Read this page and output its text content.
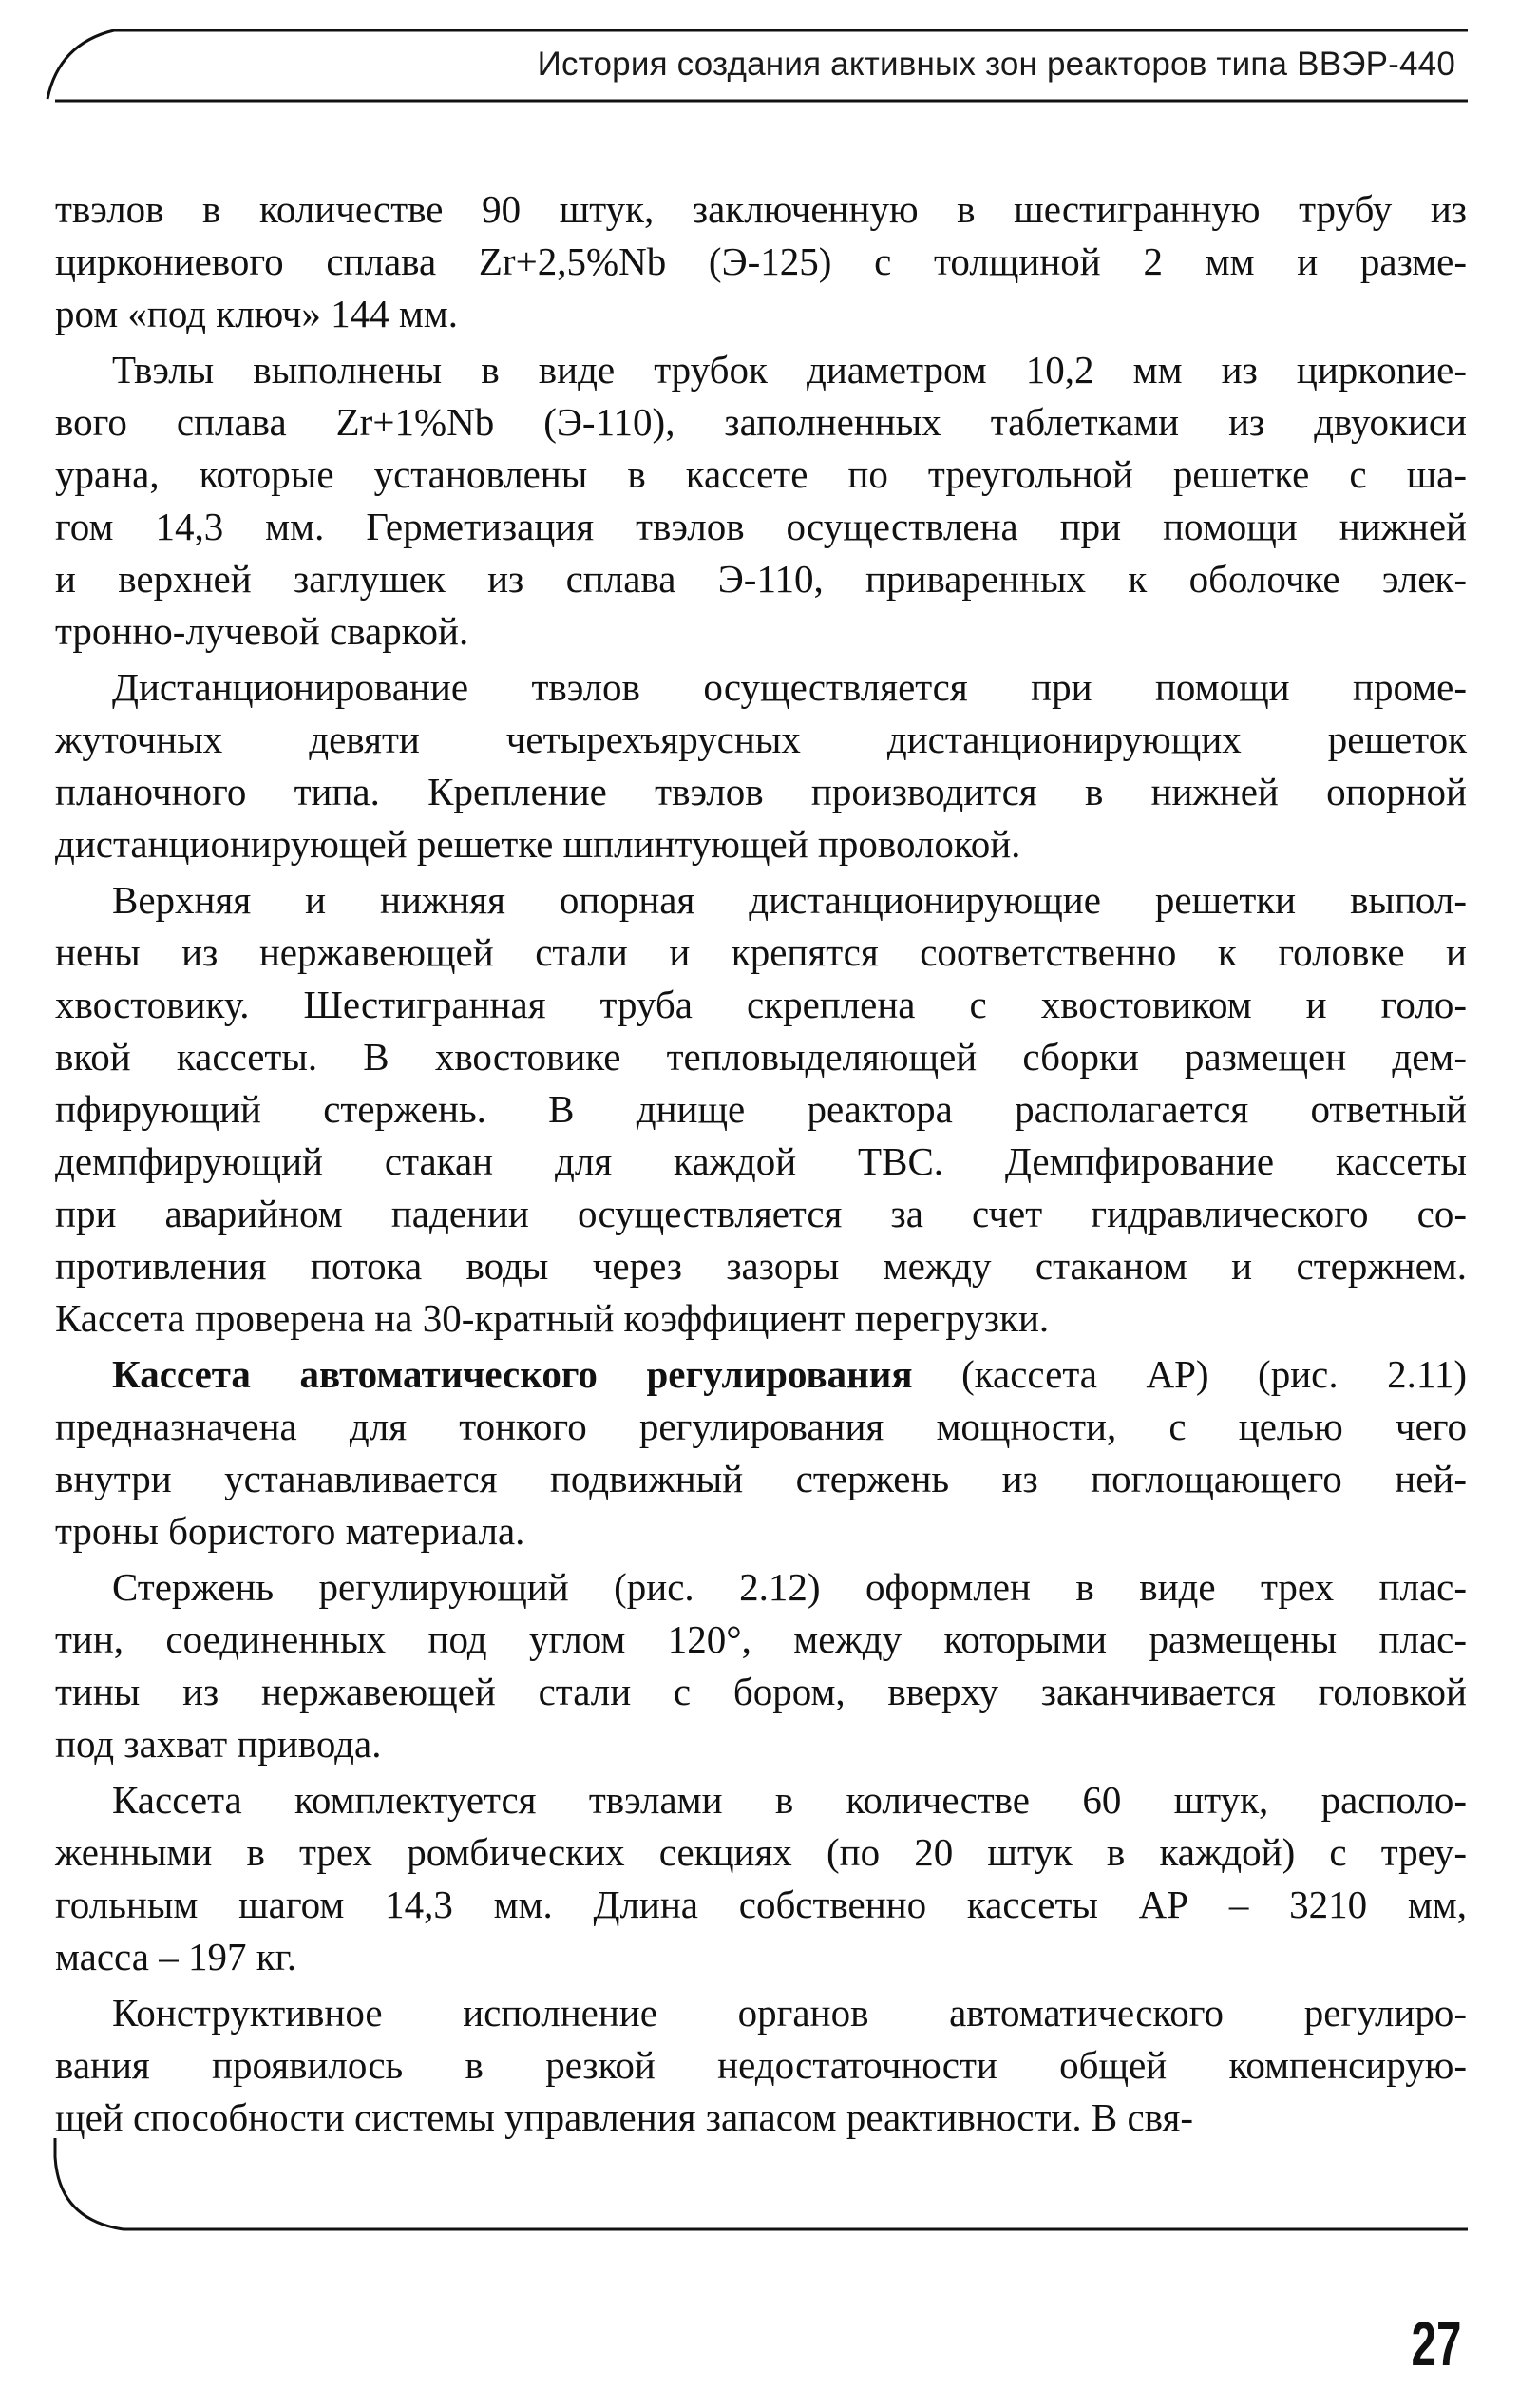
История создания активных зон реакторов типа ВВЭР-440
твэлов в количестве 90 штук, заключенную в шестигранную трубу из
циркониевого сплава Zr+2,5%Nb (Э-125) с толщиной 2 мм и разме-
ром «под ключ» 144 мм.
Твэлы выполнены в виде трубок диаметром 10,2 мм из циркonие-
вого сплава Zr+1%Nb (Э-110), заполненных таблетками из двуокиси
урана, которые установлены в кассете по треугольной решетке с ша-
гом 14,3 мм. Герметизация твэлов осуществлена при помощи нижней
и верхней заглушек из сплава Э-110, приваренных к оболочке элек-
тронно-лучевой сваркой.
Дистанционирование твэлов осуществляется при помощи проме-
жуточных девяти четырехъярусных дистанционирующих решеток
планочного типа. Крепление твэлов производится в нижней опорной
дистанционирующей решетке шплинтующей проволокой.
Верхняя и нижняя опорная дистанционирующие решетки выпол-
нены из нержавеющей стали и крепятся соответственно к головке и
хвостовику. Шестигранная труба скреплена с хвостовиком и голо-
вкой кассеты. В хвостовике тепловыделяющей сборки размещен дем-
пфирующий стержень. В днище реактора располагается ответный
демпфирующий стакан для каждой ТВС. Демпфирование кассеты
при аварийном падении осуществляется за счет гидравлического со-
противления потока воды через зазоры между стаканом и стержнем.
Кассета проверена на 30-кратный коэффициент перегрузки.
Кассета автоматического регулирования (кассета АР) (рис. 2.11)
предназначена для тонкого регулирования мощности, с целью чего
внутри устанавливается подвижный стержень из поглощающего ней-
троны бористого материала.
Стержень регулирующий (рис. 2.12) оформлен в виде трех плас-
тин, соединенных под углом 120°, между которыми размещены плас-
тины из нержавеющей стали с бором, вверху заканчивается головкой
под захват привода.
Кассета комплектуется твэлами в количестве 60 штук, располо-
женными в трех ромбических секциях (по 20 штук в каждой) с треу-
гольным шагом 14,3 мм. Длина собственно кассеты АР – 3210 мм,
масса – 197 кг.
Конструктивное исполнение органов автоматического регулиро-
вания проявилось в резкой недостаточности общей компенсирую-
щей способности системы управления запасом реактивности. В свя-
27
